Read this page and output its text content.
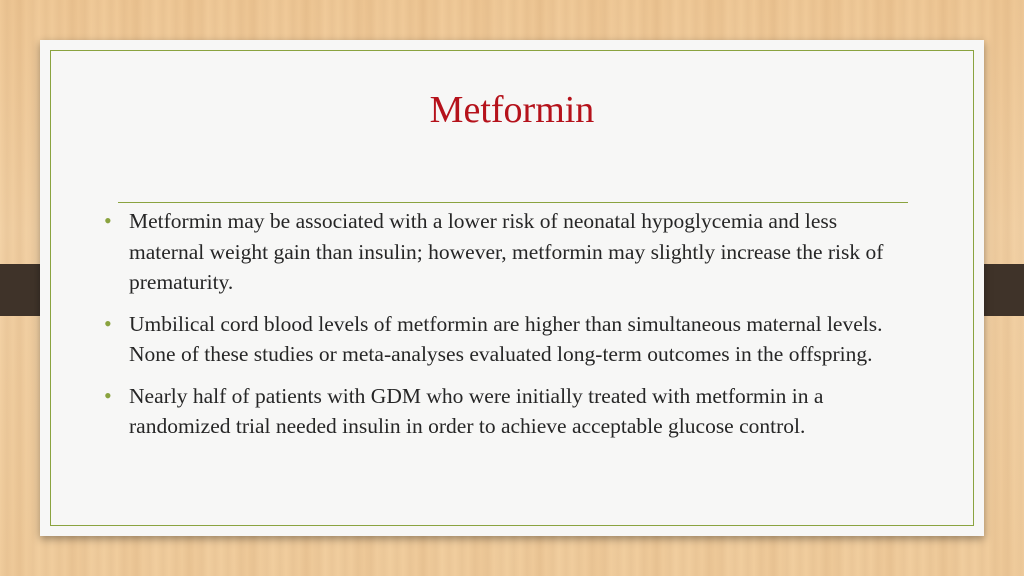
Metformin
• Metformin may be associated with a lower risk of neonatal hypoglycemia and less maternal weight gain than insulin; however, metformin may slightly increase the risk of prematurity.
• Umbilical cord blood levels of metformin are higher than simultaneous maternal levels. None of these studies or meta-analyses evaluated long-term outcomes in the offspring.
• Nearly half of patients with GDM who were initially treated with metformin in a randomized trial needed insulin in order to achieve acceptable glucose control.
